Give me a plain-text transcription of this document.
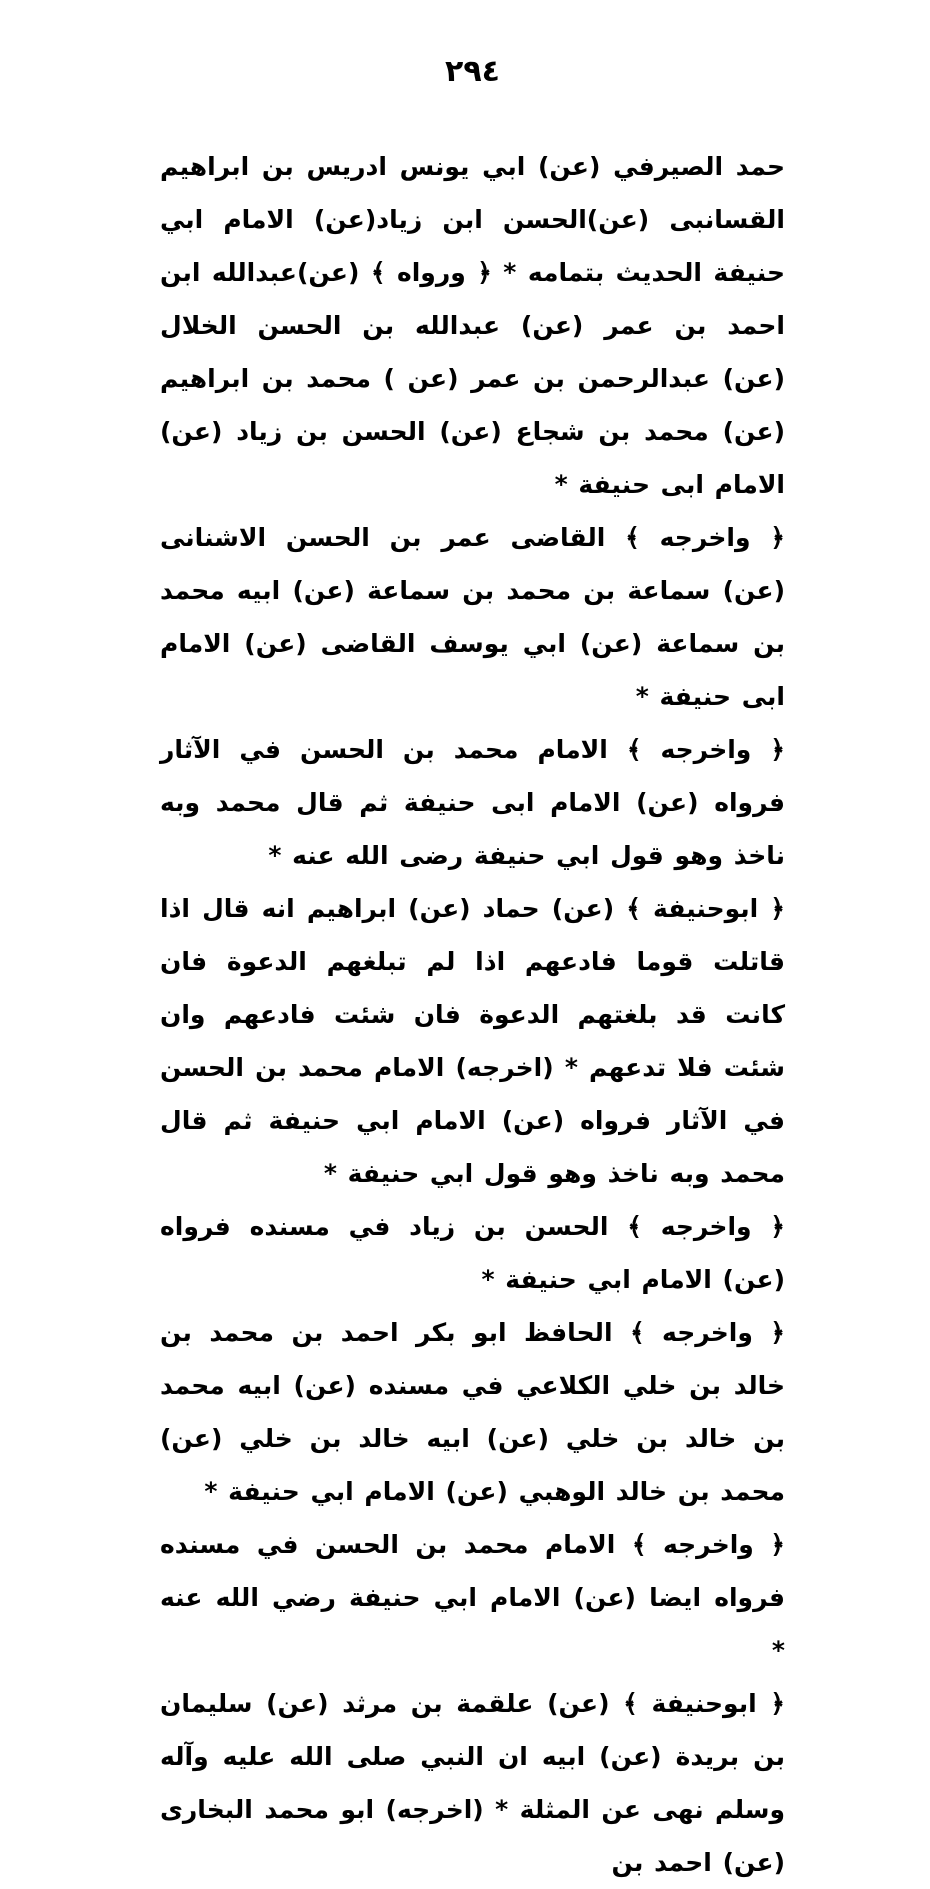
۲۹٤

حمد الصيرفي (عن) ابي يونس ادريس بن ابراهيم القسانبى (عن)الحسن ابن زياد(عن) الامام ابي حنيفة الحديث بتمامه * ﴿ ورواه ﴾ (عن)عبدالله ابن احمد بن عمر (عن) عبدالله بن الحسن الخلال (عن) عبدالرحمن بن عمر (عن ) محمد بن ابراهيم (عن) محمد بن شجاع (عن) الحسن بن زياد (عن) الامام ابى حنيفة *

﴿ واخرجه ﴾ القاضى عمر بن الحسن الاشنانى (عن) سماعة بن محمد بن سماعة (عن) ابيه محمد بن سماعة (عن) ابي يوسف القاضى (عن) الامام ابى حنيفة *

﴿ واخرجه ﴾ الامام محمد بن الحسن في الآثار فرواه (عن) الامام ابى حنيفة ثم قال محمد وبه ناخذ وهو قول ابي حنيفة رضى الله عنه *

﴿ ابوحنيفة ﴾ (عن) حماد (عن) ابراهيم انه قال اذا قاتلت قوما فادعهم اذا لم تبلغهم الدعوة فان كانت قد بلغتهم الدعوة فان شئت فادعهم وان شئت فلا تدعهم * (اخرجه) الامام محمد بن الحسن في الآثار فرواه (عن) الامام ابي حنيفة ثم قال محمد وبه ناخذ وهو قول ابي حنيفة *

﴿ واخرجه ﴾ الحسن بن زياد في مسنده فرواه (عن) الامام ابي حنيفة *

﴿ واخرجه ﴾ الحافظ ابو بكر احمد بن محمد بن خالد بن خلي الكلاعي في مسنده (عن) ابيه محمد بن خالد بن خلي (عن) ابيه خالد بن خلي (عن) محمد بن خالد الوهبي (عن) الامام ابي حنيفة *

﴿ واخرجه ﴾ الامام محمد بن الحسن في مسنده فرواه ايضا (عن) الامام ابي حنيفة رضي الله عنه *

﴿ ابوحنيفة ﴾ (عن) علقمة بن مرثد (عن) سليمان بن بريدة (عن) ابيه ان النبي صلى الله عليه وآله وسلم نهى عن المثلة * (اخرجه) ابو محمد البخارى (عن) احمد بن
